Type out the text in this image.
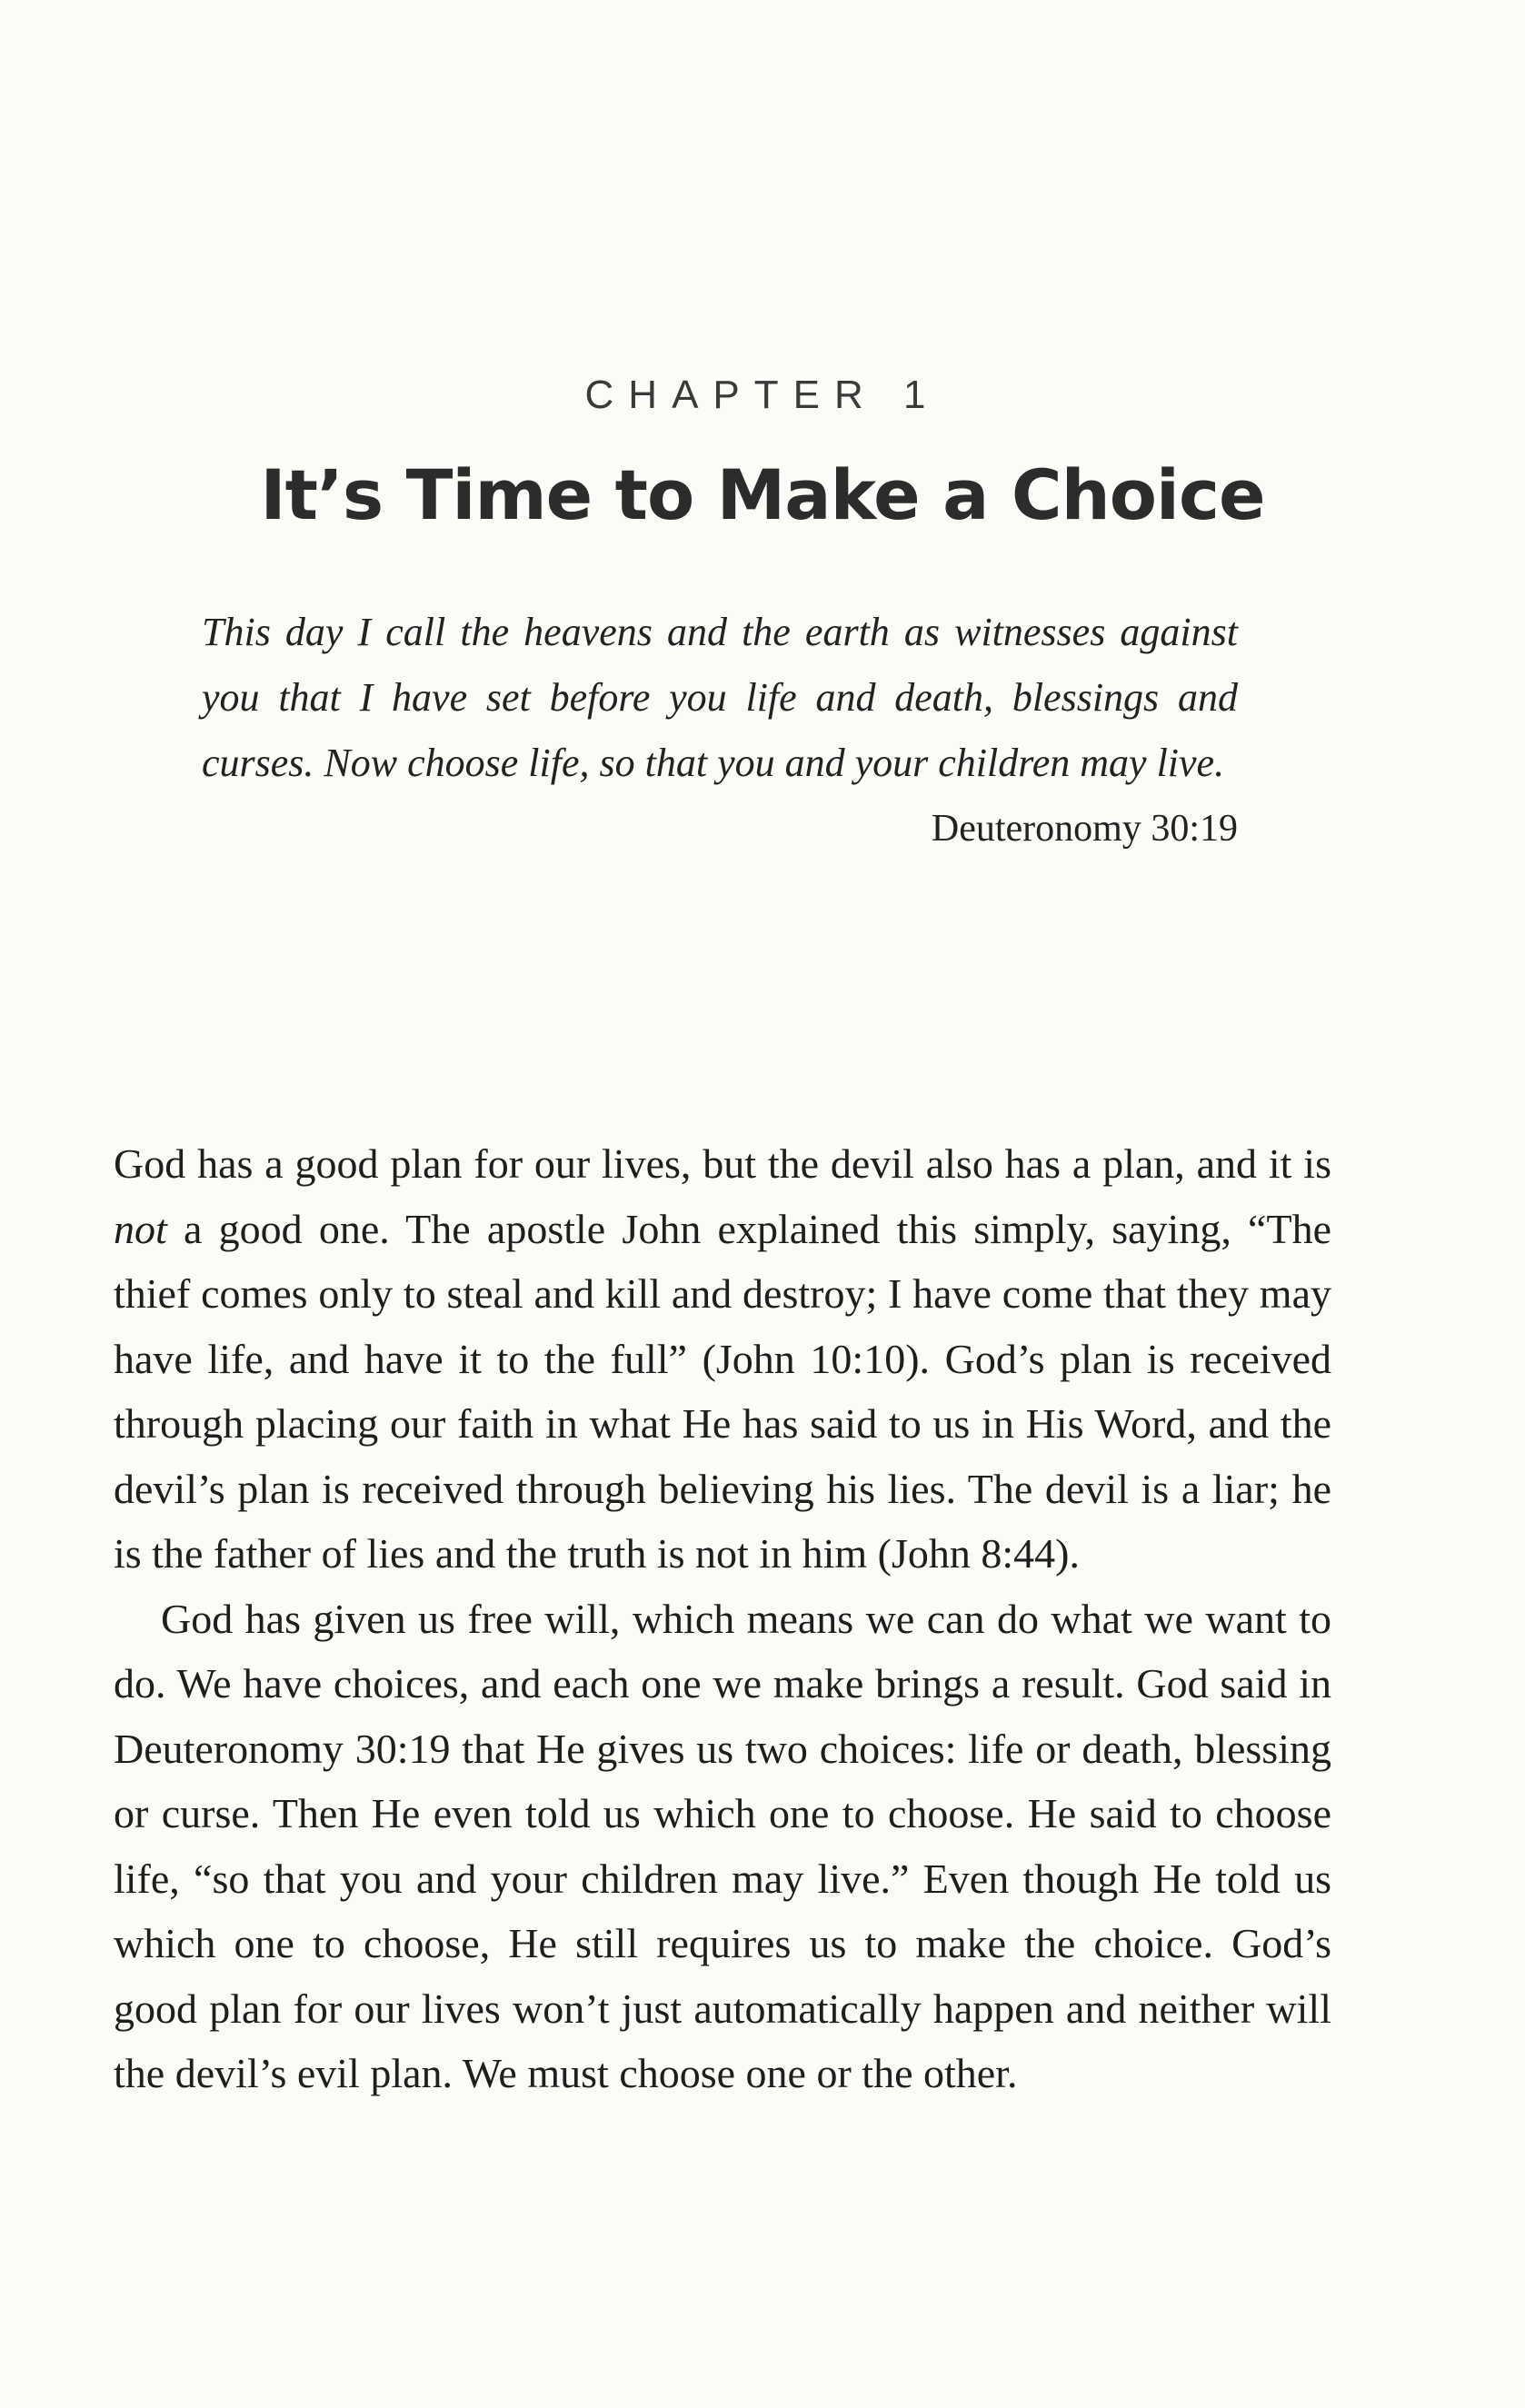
CHAPTER 1
It’s Time to Make a Choice

This day I call the heavens and the earth as witnesses against you that I have set before you life and death, blessings and curses. Now choose life, so that you and your children may live.

Deuteronomy 30:19

God has a good plan for our lives, but the devil also has a plan, and it is not a good one. The apostle John explained this simply, saying, “The thief comes only to steal and kill and destroy; I have come that they may have life, and have it to the full” (John 10:10). God’s plan is received through placing our faith in what He has said to us in His Word, and the devil’s plan is received through believing his lies. The devil is a liar; he is the father of lies and the truth is not in him (John 8:44).

God has given us free will, which means we can do what we want to do. We have choices, and each one we make brings a result. God said in Deuteronomy 30:19 that He gives us two choices: life or death, blessing or curse. Then He even told us which one to choose. He said to choose life, “so that you and your children may live.” Even though He told us which one to choose, He still requires us to make the choice. God’s good plan for our lives won’t just automatically happen and neither will the devil’s evil plan. We must choose one or the other.
